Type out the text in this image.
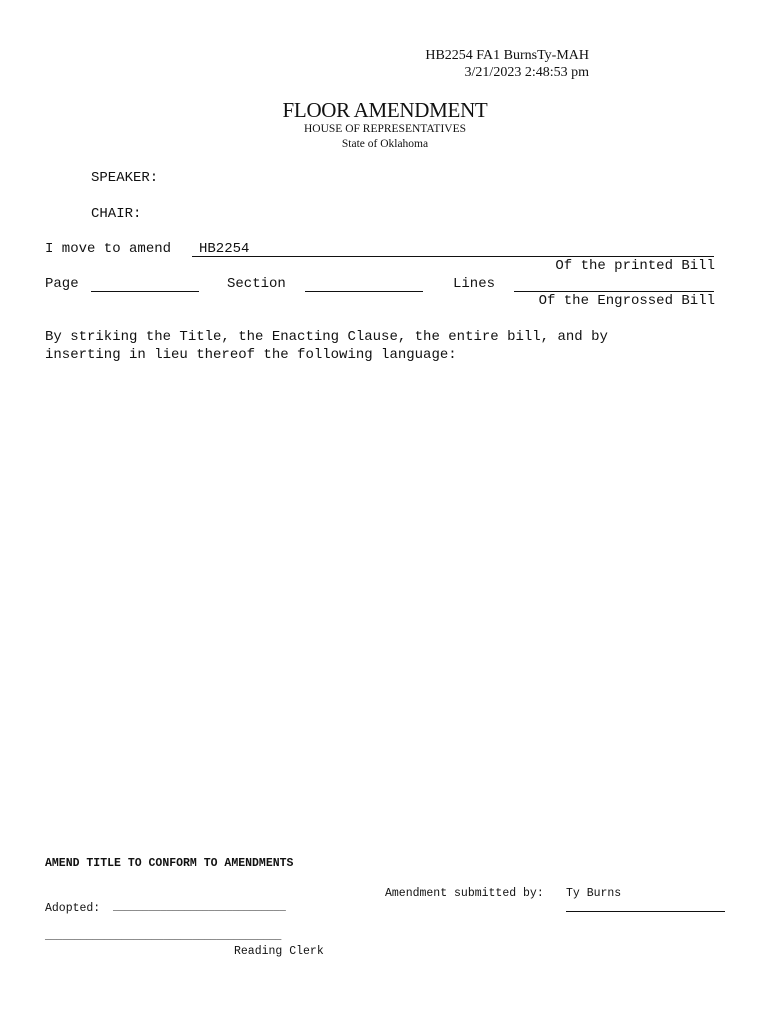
HB2254 FA1 BurnsTy-MAH
3/21/2023 2:48:53 pm
FLOOR AMENDMENT
HOUSE OF REPRESENTATIVES
State of Oklahoma
SPEAKER:
CHAIR:
I move to amend HB2254
Of the printed Bill
Page	Section	Lines
Of the Engrossed Bill
By striking the Title, the Enacting Clause, the entire bill, and by
inserting in lieu thereof the following language:
AMEND TITLE TO CONFORM TO AMENDMENTS
Amendment submitted by: Ty Burns
Adopted: _____________________________
________________________________________
Reading Clerk
